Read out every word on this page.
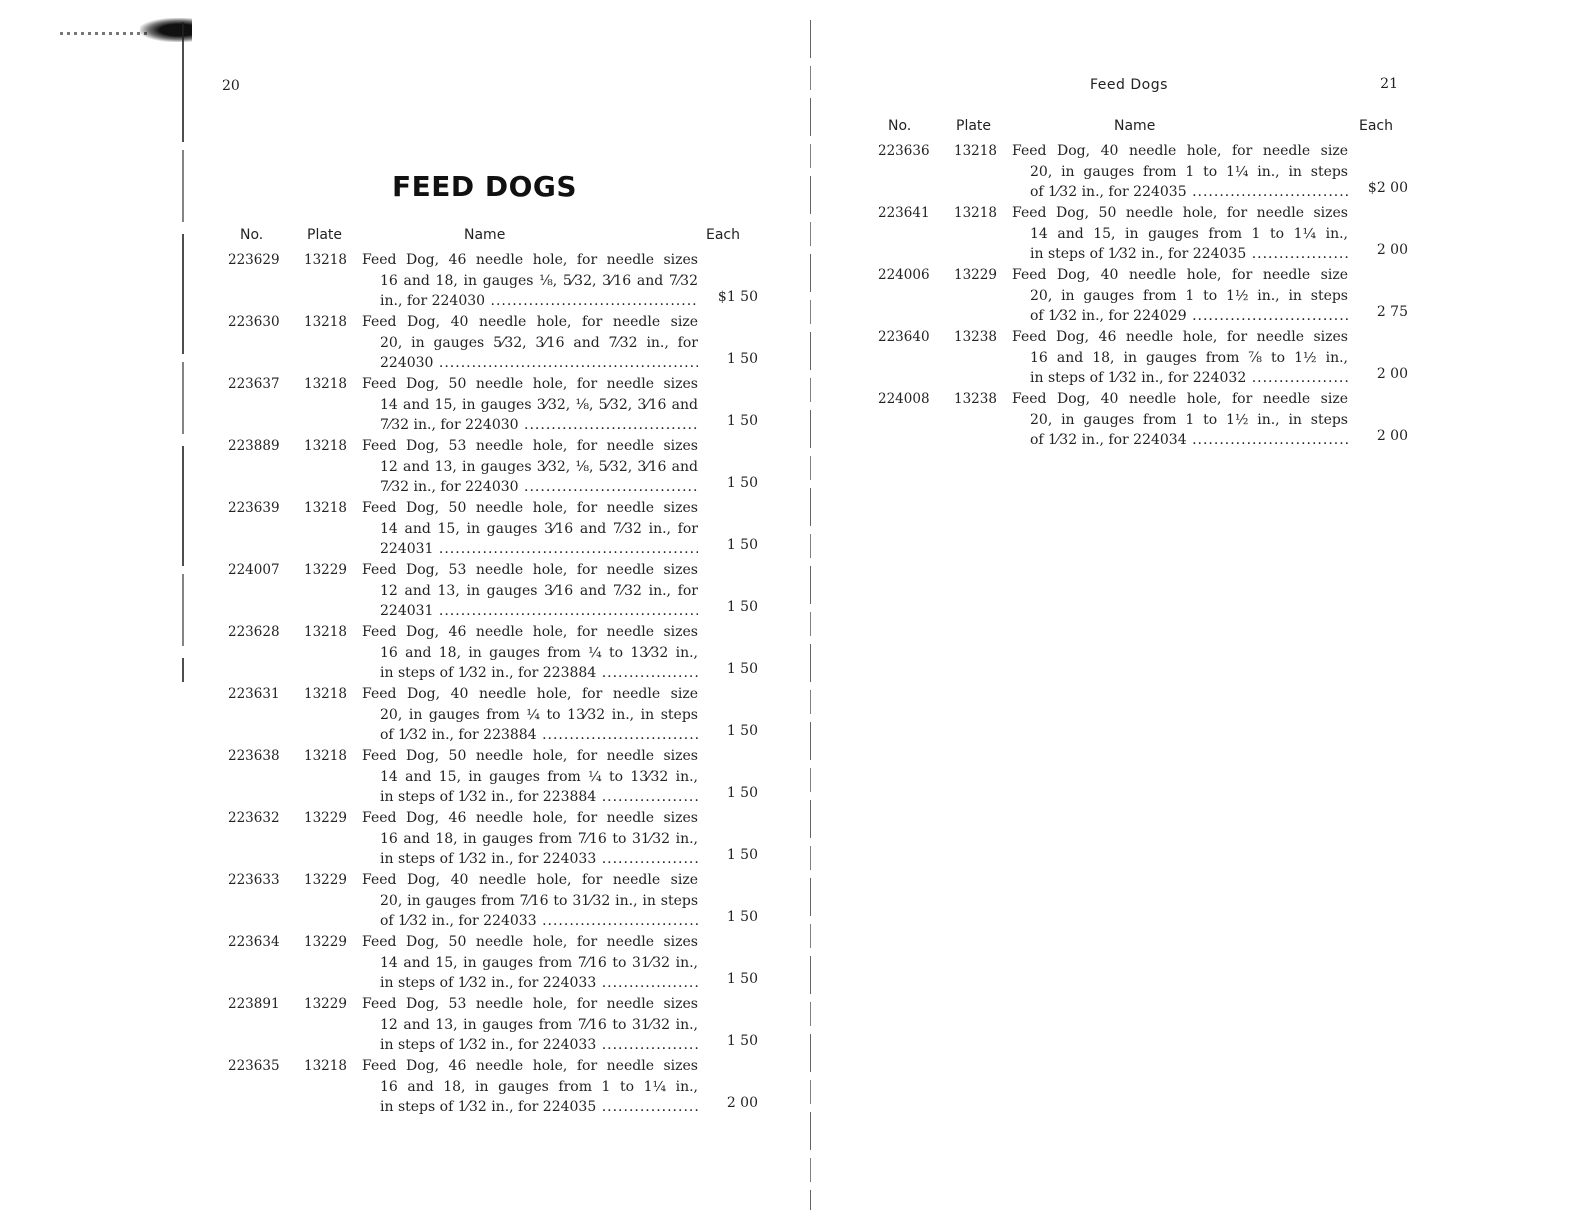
20
FEED DOGS
No.	Plate	Name	Each
223629	13218	Feed Dog, 46 needle hole, for needle sizes
16 and 18, in gauges ⅛, 5⁄32, 3⁄16 and 7⁄32
in., for 224030 .....	$1 50
223630	13218	Feed Dog, 40 needle hole, for needle size
20, in gauges 5⁄32, 3⁄16 and 7⁄32 in., for
224030 .....	1 50
223637	13218	Feed Dog, 50 needle hole, for needle sizes
14 and 15, in gauges 3⁄32, ⅛, 5⁄32, 3⁄16 and
7⁄32 in., for 224030 .....	1 50
223889	13218	Feed Dog, 53 needle hole, for needle sizes
12 and 13, in gauges 3⁄32, ⅛, 5⁄32, 3⁄16 and
7⁄32 in., for 224030 .....	1 50
223639	13218	Feed Dog, 50 needle hole, for needle sizes
14 and 15, in gauges 3⁄16 and 7⁄32 in., for
224031 .....	1 50
224007	13229	Feed Dog, 53 needle hole, for needle sizes
12 and 13, in gauges 3⁄16 and 7⁄32 in., for
224031 .....	1 50
223628	13218	Feed Dog, 46 needle hole, for needle sizes
16 and 18, in gauges from ¼ to 13⁄32 in.,
in steps of 1⁄32 in., for 223884 .....	1 50
223631	13218	Feed Dog, 40 needle hole, for needle size
20, in gauges from ¼ to 13⁄32 in., in steps
of 1⁄32 in., for 223884 .....	1 50
223638	13218	Feed Dog, 50 needle hole, for needle sizes
14 and 15, in gauges from ¼ to 13⁄32 in.,
in steps of 1⁄32 in., for 223884 .....	1 50
223632	13229	Feed Dog, 46 needle hole, for needle sizes
16 and 18, in gauges from 7⁄16 to 31⁄32 in.,
in steps of 1⁄32 in., for 224033 .....	1 50
223633	13229	Feed Dog, 40 needle hole, for needle size
20, in gauges from 7⁄16 to 31⁄32 in., in steps
of 1⁄32 in., for 224033 .....	1 50
223634	13229	Feed Dog, 50 needle hole, for needle sizes
14 and 15, in gauges from 7⁄16 to 31⁄32 in.,
in steps of 1⁄32 in., for 224033 .....	1 50
223891	13229	Feed Dog, 53 needle hole, for needle sizes
12 and 13, in gauges from 7⁄16 to 31⁄32 in.,
in steps of 1⁄32 in., for 224033 .....	1 50
223635	13218	Feed Dog, 46 needle hole, for needle sizes
16 and 18, in gauges from 1 to 1¼ in.,
in steps of 1⁄32 in., for 224035 .....	2 00
Feed Dogs	21
No.	Plate	Name	Each
223636	13218	Feed Dog, 40 needle hole, for needle size
20, in gauges from 1 to 1¼ in., in steps
of 1⁄32 in., for 224035 .....	$2 00
223641	13218	Feed Dog, 50 needle hole, for needle sizes
14 and 15, in gauges from 1 to 1¼ in.,
in steps of 1⁄32 in., for 224035 .....	2 00
224006	13229	Feed Dog, 40 needle hole, for needle size
20, in gauges from 1 to 1½ in., in steps
of 1⁄32 in., for 224029 .....	2 75
223640	13238	Feed Dog, 46 needle hole, for needle sizes
16 and 18, in gauges from ⅞ to 1½ in.,
in steps of 1⁄32 in., for 224032 .....	2 00
224008	13238	Feed Dog, 40 needle hole, for needle size
20, in gauges from 1 to 1½ in., in steps
of 1⁄32 in., for 224034 .....	2 00
